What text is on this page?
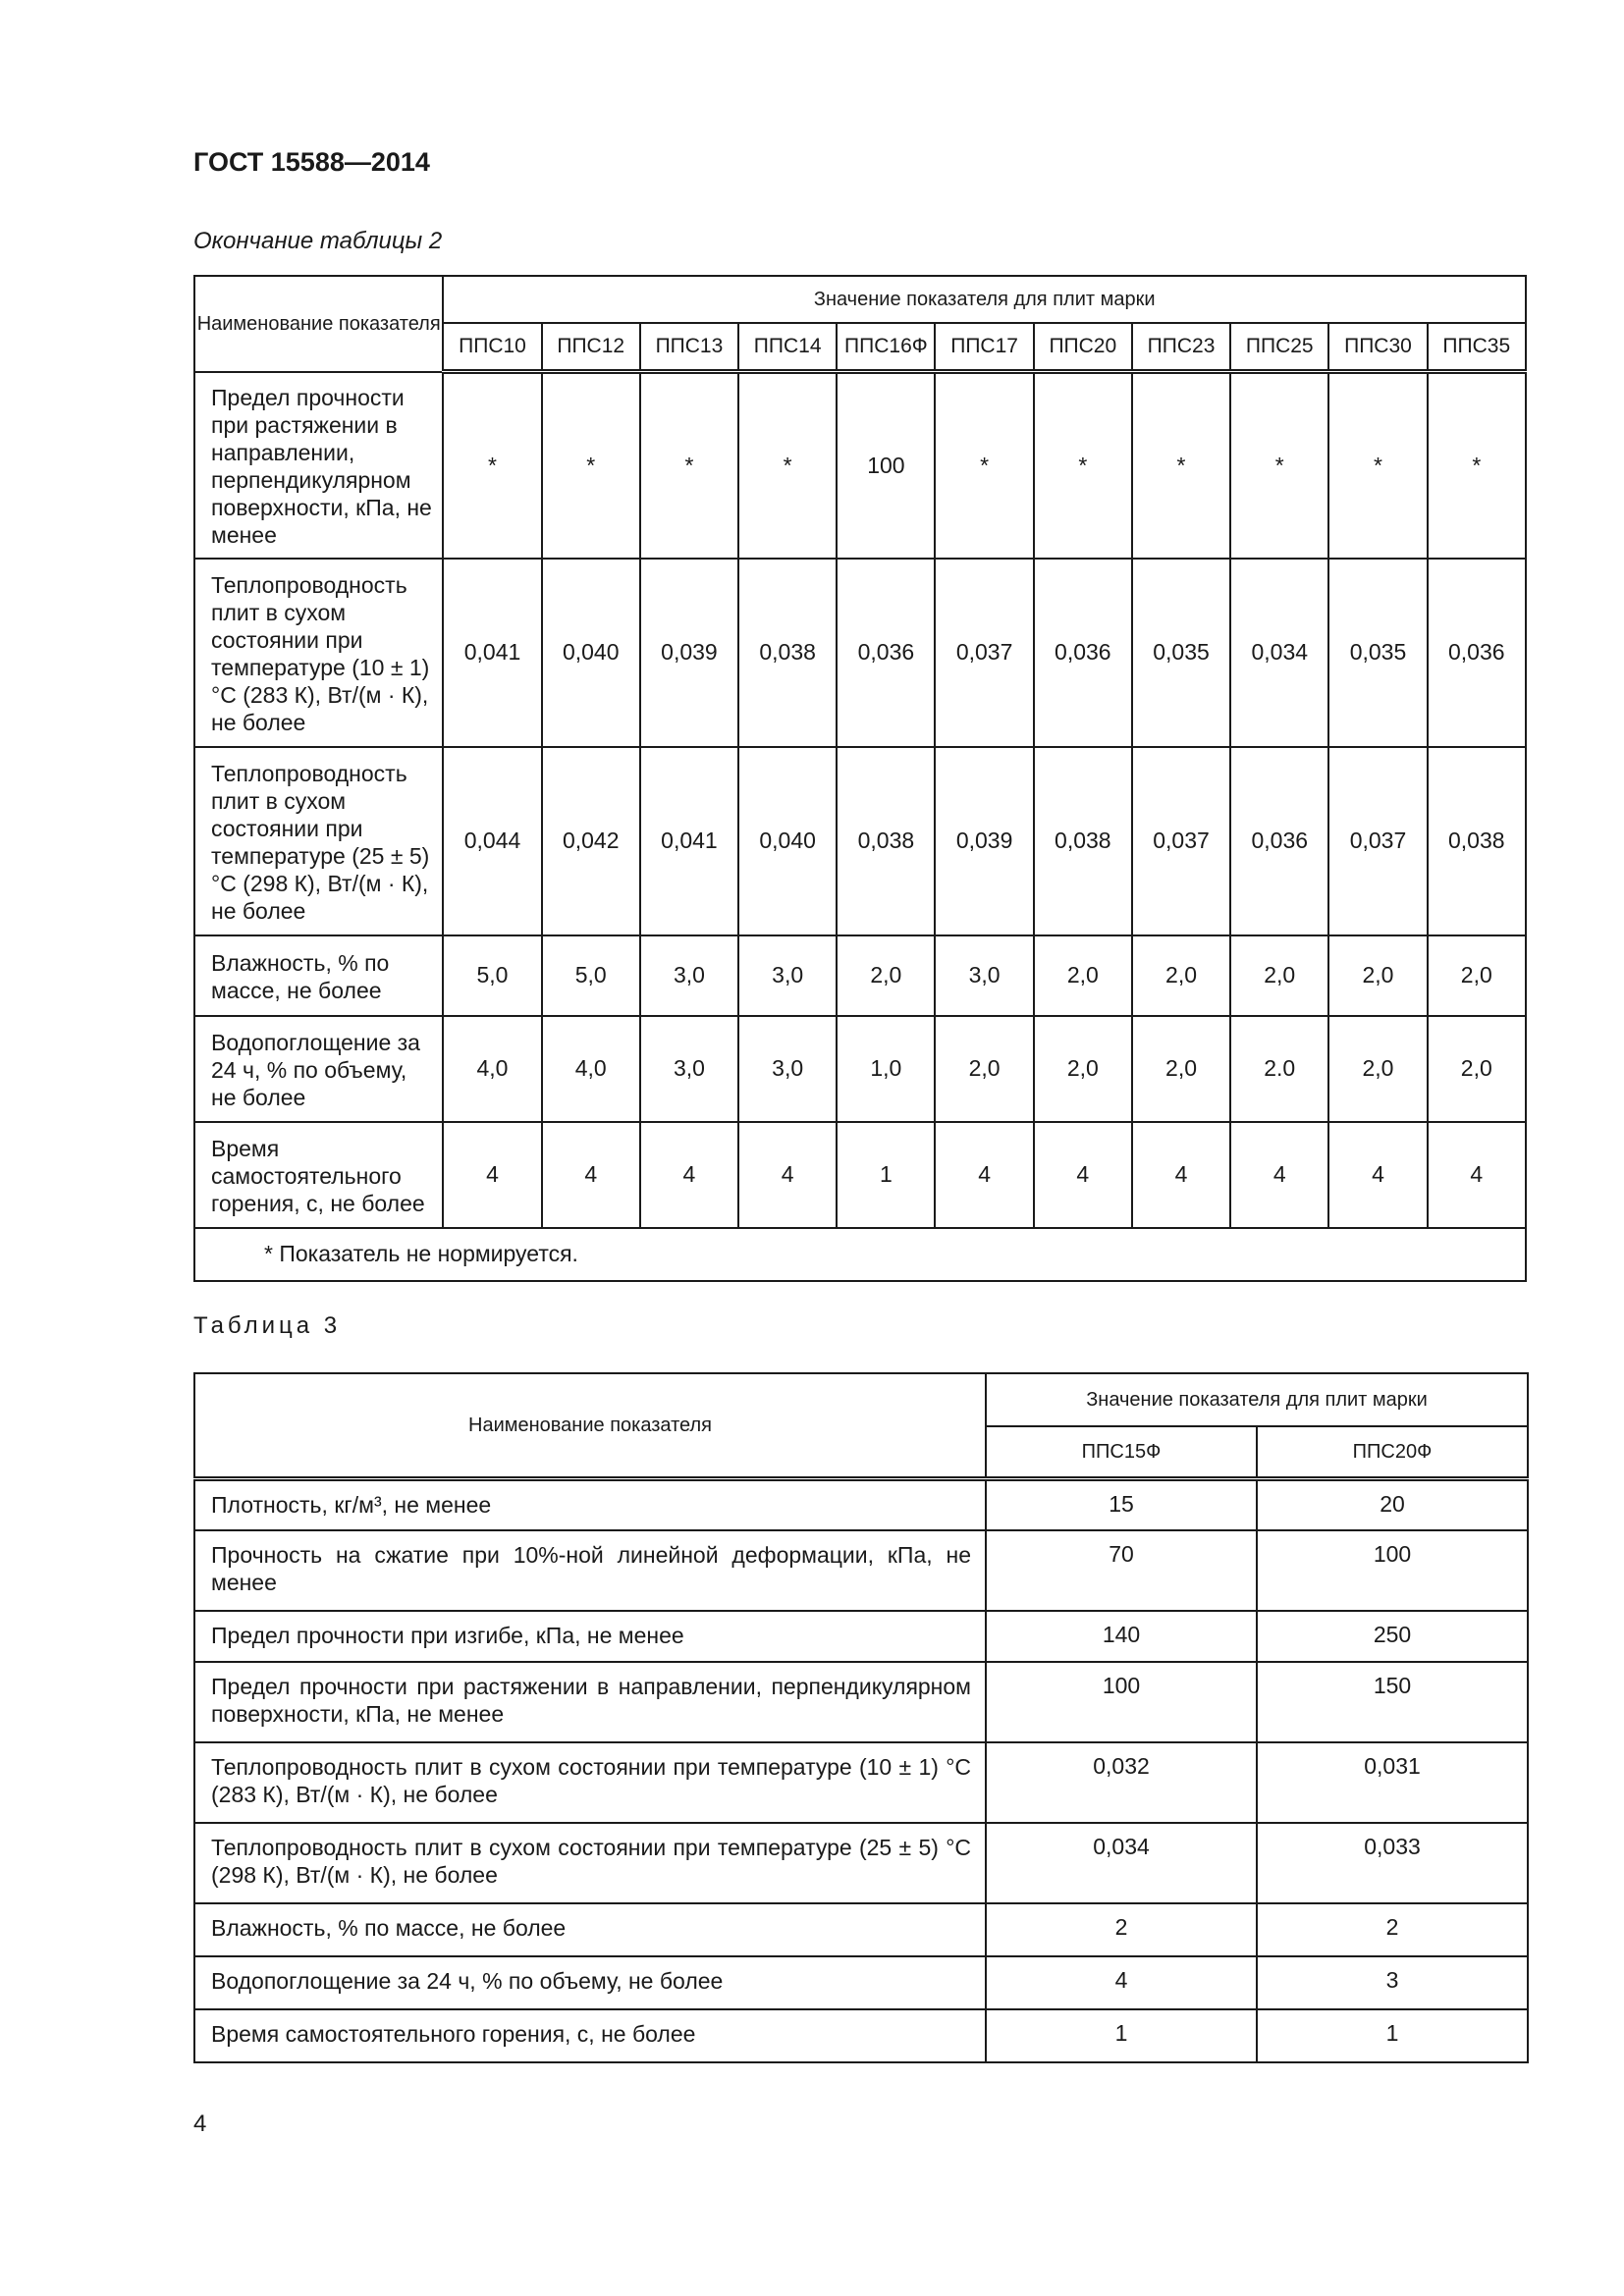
ГОСТ 15588—2014
Окончание таблицы 2
Наименование показателя	Значение показателя для плит марки										
	ППС10	ППС12	ППС13	ППС14	ППС16Ф	ППС17	ППС20	ППС23	ППС25	ППС30	ППС35
Предел прочности при растяжении в направлении, перпендикулярном поверхности, кПа, не менее	*	*	*	*	100	*	*	*	*	*	*
Теплопроводность плит в сухом состоянии при температуре (10 ± 1) °С (283 К), Вт/(м · К), не более	0,041	0,040	0,039	0,038	0,036	0,037	0,036	0,035	0,034	0,035	0,036
Теплопроводность плит в сухом состоянии при температуре (25 ± 5) °С (298 К), Вт/(м · К), не более	0,044	0,042	0,041	0,040	0,038	0,039	0,038	0,037	0,036	0,037	0,038
Влажность, % по массе, не более	5,0	5,0	3,0	3,0	2,0	3,0	2,0	2,0	2,0	2,0	2,0
Водопоглощение за 24 ч, % по объему, не более	4,0	4,0	3,0	3,0	1,0	2,0	2,0	2,0	2.0	2,0	2,0
Время самостоятельного горения, с, не более	4	4	4	4	1	4	4	4	4	4	4
* Показатель не нормируется.											
Таблица 3
Наименование показателя	Значение показателя для плит марки	
	ППС15Ф	ППС20Ф
Плотность, кг/м³, не менее	15	20
Прочность на сжатие при 10%-ной линейной деформации, кПа, не менее	70	100
Предел прочности при изгибе, кПа, не менее	140	250
Предел прочности при растяжении в направлении, перпендикулярном поверхности, кПа, не менее	100	150
Теплопроводность плит в сухом состоянии при температуре (10 ± 1) °С (283 К), Вт/(м · К), не более	0,032	0,031
Теплопроводность плит в сухом состоянии при температуре (25 ± 5) °С (298 К), Вт/(м · К), не более	0,034	0,033
Влажность, % по массе, не более	2	2
Водопоглощение за 24 ч, % по объему, не более	4	3
Время самостоятельного горения, с, не более	1	1
4
